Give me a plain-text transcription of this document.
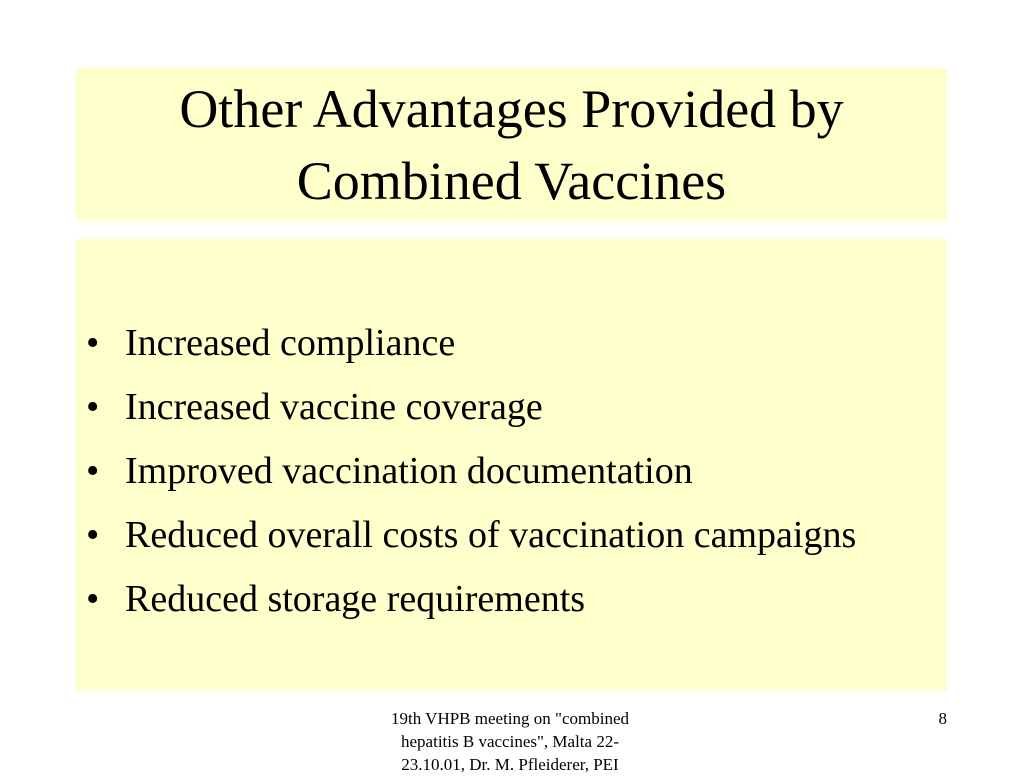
Other Advantages Provided by
Combined Vaccines
• Increased compliance
• Increased vaccine coverage
• Improved vaccination documentation
• Reduced overall costs of vaccination campaigns
• Reduced storage requirements
19th VHPB meeting on "combined
hepatitis B vaccines", Malta 22-
23.10.01, Dr. M. Pfleiderer, PEI
8
